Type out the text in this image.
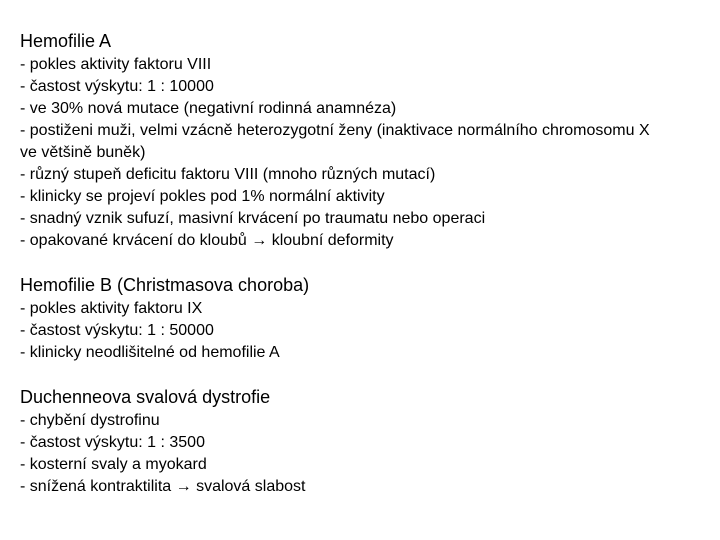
Hemofilie A
- pokles aktivity faktoru VIII
- častost výskytu: 1 : 10000
- ve 30% nová mutace (negativní rodinná anamnéza)
- postiženi muži, velmi vzácně heterozygotní ženy (inaktivace normálního chromosomu X ve většině buněk)
- různý stupeň deficitu faktoru VIII (mnoho různých mutací)
- klinicky se projeví pokles pod 1% normální aktivity
- snadný vznik sufuzí, masivní krvácení po traumatu nebo operaci
- opakované krvácení do kloubů → kloubní deformity
Hemofilie B (Christmasova choroba)
- pokles aktivity faktoru IX
- častost výskytu: 1 : 50000
- klinicky neodlišitelné od hemofilie A
Duchenneova svalová dystrofie
- chybění dystrofinu
- častost výskytu: 1 : 3500
- kosterní svaly a myokard
- snížená kontraktilita → svalová slabost
